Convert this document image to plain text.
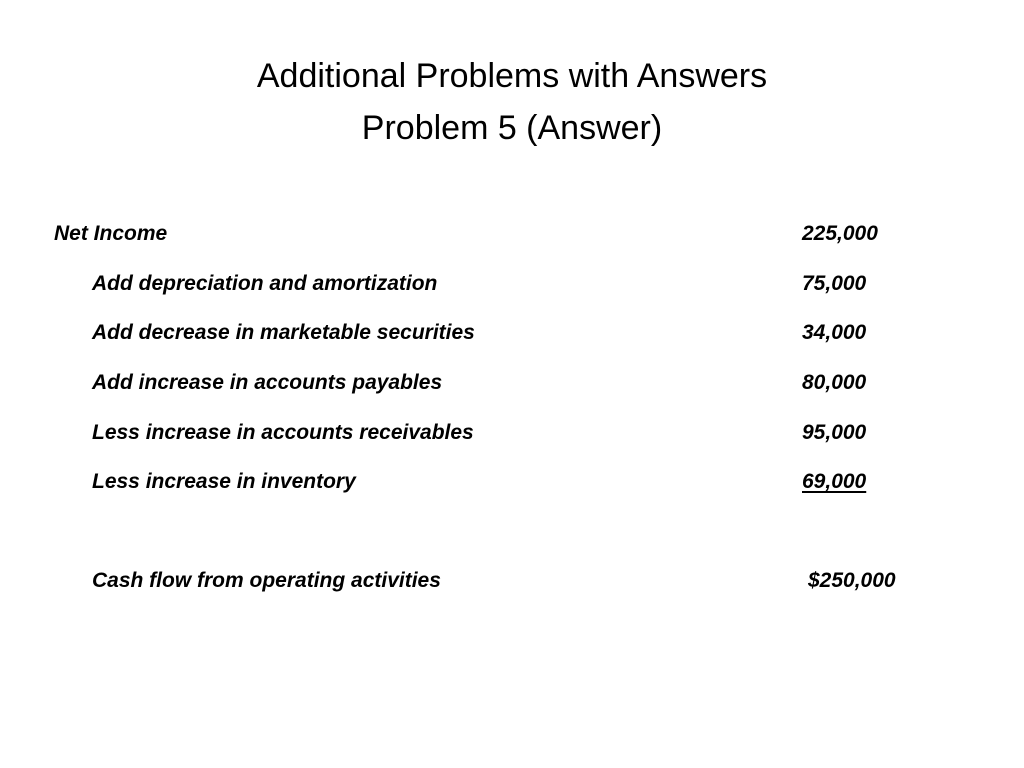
Additional Problems with Answers
Problem 5 (Answer)
Net Income	225,000
Add depreciation and amortization	75,000
Add decrease in marketable securities	34,000
Add increase in accounts payables	80,000
Less increase in accounts receivables	95,000
Less increase in inventory	69,000
Cash flow from operating activities	$250,000
